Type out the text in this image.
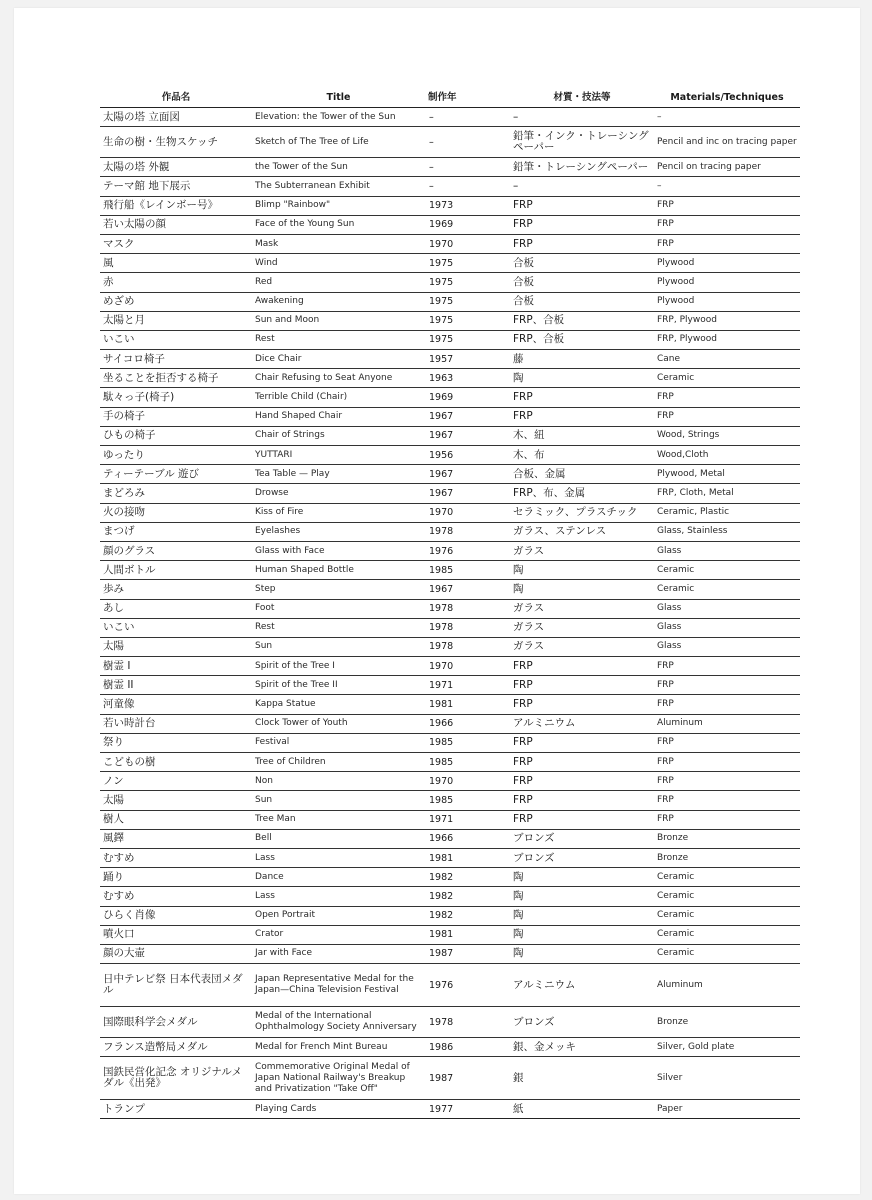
作品名	Title	制作年	材質・技法等	Materials/Techniques
太陽の塔 立面図	Elevation: the Tower of the Sun	–	–	–
生命の樹・生物スケッチ	Sketch of The Tree of Life	–	鉛筆・インク・トレーシングペーパー	Pencil and inc on tracing paper
太陽の塔 外観	the Tower of the Sun	–	鉛筆・トレーシングペーパー	Pencil on tracing paper
テーマ館 地下展示	The Subterranean Exhibit	–	–	–
飛行船《レインボー号》	Blimp "Rainbow"	1973	FRP	FRP
若い太陽の顔	Face of the Young Sun	1969	FRP	FRP
マスク	Mask	1970	FRP	FRP
風	Wind	1975	合板	Plywood
赤	Red	1975	合板	Plywood
めざめ	Awakening	1975	合板	Plywood
太陽と月	Sun and Moon	1975	FRP、合板	FRP, Plywood
いこい	Rest	1975	FRP、合板	FRP, Plywood
サイコロ椅子	Dice Chair	1957	藤	Cane
坐ることを拒否する椅子	Chair Refusing to Seat Anyone	1963	陶	Ceramic
駄々っ子(椅子)	Terrible Child (Chair)	1969	FRP	FRP
手の椅子	Hand Shaped Chair	1967	FRP	FRP
ひもの椅子	Chair of Strings	1967	木、紐	Wood, Strings
ゆったり	YUTTARI	1956	木、布	Wood,Cloth
ティーテーブル 遊び	Tea Table — Play	1967	合板、金属	Plywood, Metal
まどろみ	Drowse	1967	FRP、布、金属	FRP, Cloth, Metal
火の接吻	Kiss of Fire	1970	セラミック、プラスチック	Ceramic, Plastic
まつげ	Eyelashes	1978	ガラス、ステンレス	Glass, Stainless
顔のグラス	Glass with Face	1976	ガラス	Glass
人間ボトル	Human Shaped Bottle	1985	陶	Ceramic
歩み	Step	1967	陶	Ceramic
あし	Foot	1978	ガラス	Glass
いこい	Rest	1978	ガラス	Glass
太陽	Sun	1978	ガラス	Glass
樹霊 I	Spirit of the Tree I	1970	FRP	FRP
樹霊 II	Spirit of the Tree II	1971	FRP	FRP
河童像	Kappa Statue	1981	FRP	FRP
若い時計台	Clock Tower of Youth	1966	アルミニウム	Aluminum
祭り	Festival	1985	FRP	FRP
こどもの樹	Tree of Children	1985	FRP	FRP
ノン	Non	1970	FRP	FRP
太陽	Sun	1985	FRP	FRP
樹人	Tree Man	1971	FRP	FRP
風鐸	Bell	1966	ブロンズ	Bronze
むすめ	Lass	1981	ブロンズ	Bronze
踊り	Dance	1982	陶	Ceramic
むすめ	Lass	1982	陶	Ceramic
ひらく肖像	Open Portrait	1982	陶	Ceramic
噴火口	Crator	1981	陶	Ceramic
顔の大壷	Jar with Face	1987	陶	Ceramic
日中テレビ祭 日本代表団メダル	Japan Representative Medal for the Japan—China Television Festival	1976	アルミニウム	Aluminum
国際眼科学会メダル	Medal of the International Ophthalmology Society Anniversary	1978	ブロンズ	Bronze
フランス造幣局メダル	Medal for French Mint Bureau	1986	銀、金メッキ	Silver, Gold plate
国鉄民営化記念 オリジナルメダル《出発》	Commemorative Original Medal of Japan National Railway's Breakup and Privatization "Take Off"	1987	銀	Silver
トランプ	Playing Cards	1977	紙	Paper
